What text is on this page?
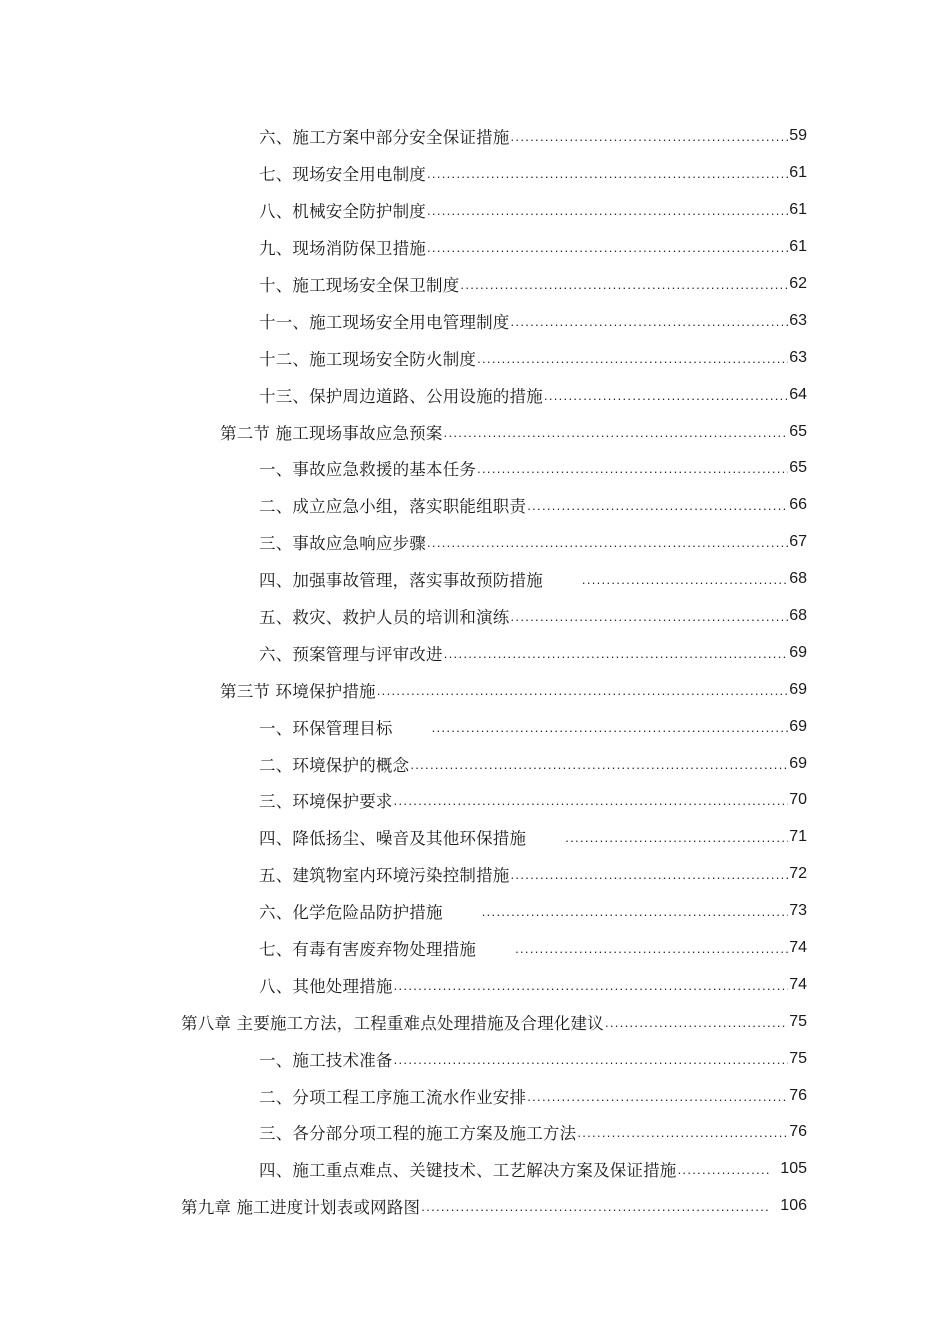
六、施工方案中部分安全保证措施 .....	59
七、现场安全用电制度 .....	61
八、机械安全防护制度 .....	61
九、现场消防保卫措施 .....	61
十、施工现场安全保卫制度 .....	62
十一、施工现场安全用电管理制度 .....	63
十二、施工现场安全防火制度 .....	63
十三、保护周边道路、公用设施的措施 .....	64
第二节 施工现场事故应急预案 .....	65
一、事故应急救援的基本任务 .....	65
二、成立应急小组，落实职能组职责 .....	66
三、事故应急响应步骤 .....	67
四、加强事故管理，落实事故预防措施 .....	68
五、救灾、救护人员的培训和演练 .....	68
六、预案管理与评审改进 .....	69
第三节 环境保护措施 .....	69
一、环保管理目标 .....	69
二、环境保护的概念 .....	69
三、环境保护要求 .....	70
四、降低扬尘、噪音及其他环保措施 .....	71
五、建筑物室内环境污染控制措施 .....	72
六、化学危险品防护措施 .....	73
七、有毒有害废弃物处理措施 .....	74
八、其他处理措施 .....	74
第八章 主要施工方法，工程重难点处理措施及合理化建议 .....	75
一、施工技术准备 .....	75
二、分项工程工序施工流水作业安排 .....	76
三、各分部分项工程的施工方案及施工方法 .....	76
四、施工重点难点、关键技术、工艺解决方案及保证措施 .....	105
第九章 施工进度计划表或网路图 .....	106
